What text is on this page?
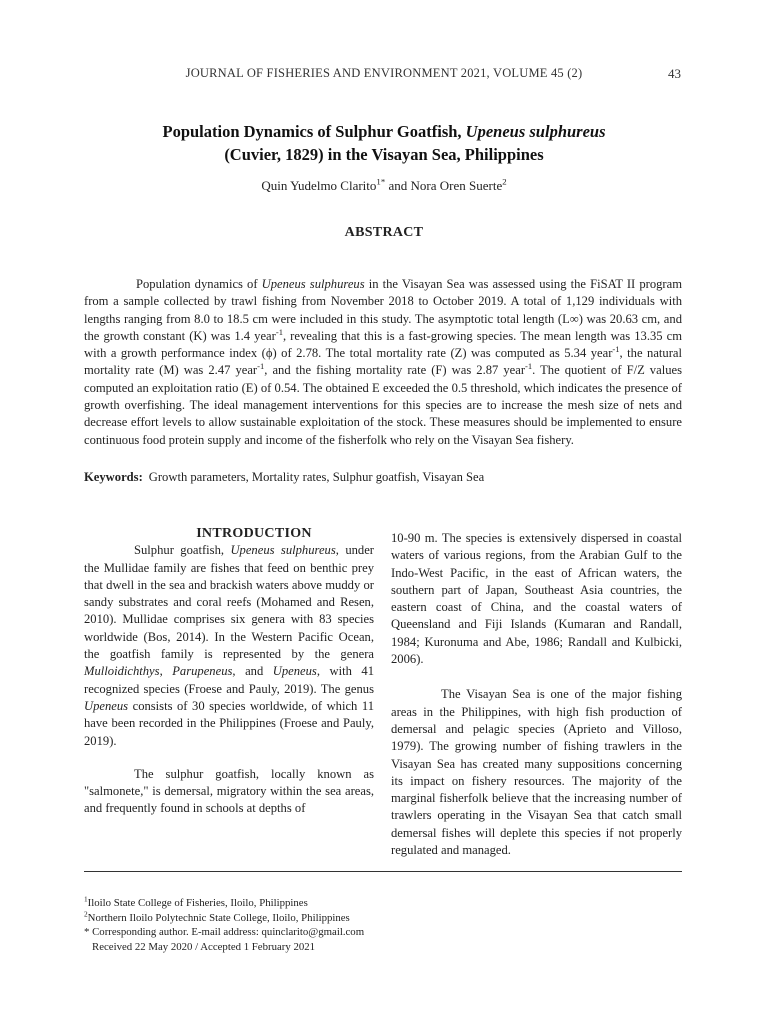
JOURNAL OF FISHERIES AND ENVIRONMENT 2021, VOLUME 45 (2)	43
Population Dynamics of Sulphur Goatfish, Upeneus sulphureus
(Cuvier, 1829) in the Visayan Sea, Philippines
Quin Yudelmo Clarito$^{1*}$ and Nora Oren Suerte$^2$
ABSTRACT

Population dynamics of Upeneus sulphureus in the Visayan Sea was assessed using the FiSAT II program from a sample collected by trawl fishing from November 2018 to October 2019. A total of 1,129 individuals with lengths ranging from 8.0 to 18.5 cm were included in this study. The asymptotic total length (L∞) was 20.63 cm, and the growth constant (K) was 1.4 year$^{-1}$, revealing that this is a fast-growing species. The mean length was 13.35 cm with a growth performance index (ϕ) of 2.78. The total mortality rate (Z) was computed as 5.34 year$^{-1}$, the natural mortality rate (M) was 2.47 year$^{-1}$, and the fishing mortality rate (F) was 2.87 year$^{-1}$. The quotient of F/Z values computed an exploitation ratio (E) of 0.54. The obtained E exceeded the 0.5 threshold, which indicates the presence of growth overfishing. The ideal management interventions for this species are to increase the mesh size of nets and decrease effort levels to allow sustainable exploitation of the stock. These measures should be implemented to ensure continuous food protein supply and income of the fisherfolk who rely on the Visayan Sea fishery.

Keywords: Growth parameters, Mortality rates, Sulphur goatfish, Visayan Sea

INTRODUCTION

Sulphur goatfish, Upeneus sulphureus, under the Mullidae family are fishes that feed on benthic prey that dwell in the sea and brackish waters above muddy or sandy substrates and coral reefs (Mohamed and Resen, 2010). Mullidae comprises six genera with 83 species worldwide (Bos, 2014). In the Western Pacific Ocean, the goatfish family is represented by the genera Mulloidichthys, Parupeneus, and Upeneus, with 41 recognized species (Froese and Pauly, 2019). The genus Upeneus consists of 30 species worldwide, of which 11 have been recorded in the Philippines (Froese and Pauly, 2019).

The sulphur goatfish, locally known as "salmonete," is demersal, migratory within the sea areas, and frequently found in schools at depths of

10-90 m. The species is extensively dispersed in coastal waters of various regions, from the Arabian Gulf to the Indo-West Pacific, in the east of African waters, the southern part of Japan, Southeast Asia countries, the eastern coast of China, and the coastal waters of Queensland and Fiji Islands (Kumaran and Randall, 1984; Kuronuma and Abe, 1986; Randall and Kulbicki, 2006).

The Visayan Sea is one of the major fishing areas in the Philippines, with high fish production of demersal and pelagic species (Aprieto and Villoso, 1979). The growing number of fishing trawlers in the Visayan Sea has created many suppositions concerning its impact on fishery resources. The majority of the marginal fisherfolk believe that the increasing number of trawlers operating in the Visayan Sea that catch small demersal fishes will deplete this species if not properly regulated and managed.

$^1$Iloilo State College of Fisheries, Iloilo, Philippines
$^2$Northern Iloilo Polytechnic State College, Iloilo, Philippines
* Corresponding author. E-mail address: quinclarito@gmail.com
Received 22 May 2020 / Accepted 1 February 2021
